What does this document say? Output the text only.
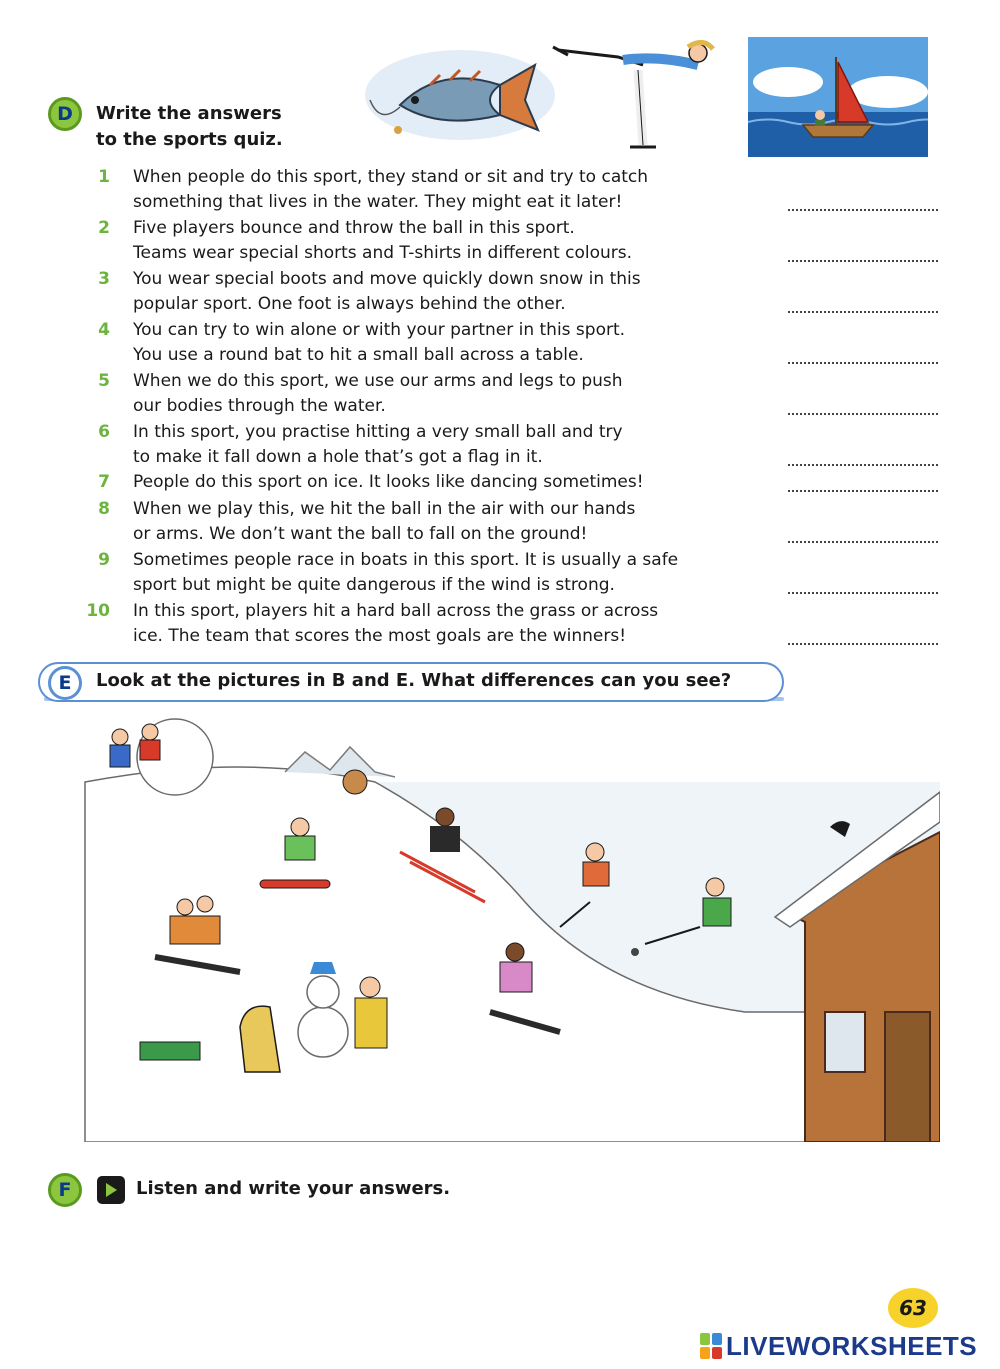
D Write the answers
to the sports quiz.
1 When people do this sport, they stand or sit and try to catch
something that lives in the water. They might eat it later!
2 Five players bounce and throw the ball in this sport.
Teams wear special shorts and T-shirts in different colours.
3 You wear special boots and move quickly down snow in this
popular sport. One foot is always behind the other.
4 You can try to win alone or with your partner in this sport.
You use a round bat to hit a small ball across a table.
5 When we do this sport, we use our arms and legs to push
our bodies through the water.
6 In this sport, you practise hitting a very small ball and try
to make it fall down a hole that’s got a flag in it.
7 People do this sport on ice. It looks like dancing sometimes!
8 When we play this, we hit the ball in the air with our hands
or arms. We don’t want the ball to fall on the ground!
9 Sometimes people race in boats in this sport. It is usually a safe
sport but might be quite dangerous if the wind is strong.
10 In this sport, players hit a hard ball across the grass or across
ice. The team that scores the most goals are the winners!
E Look at the pictures in B and E. What differences can you see?
F	Listen and write your answers.
63
LIVEWORKSHEETS
